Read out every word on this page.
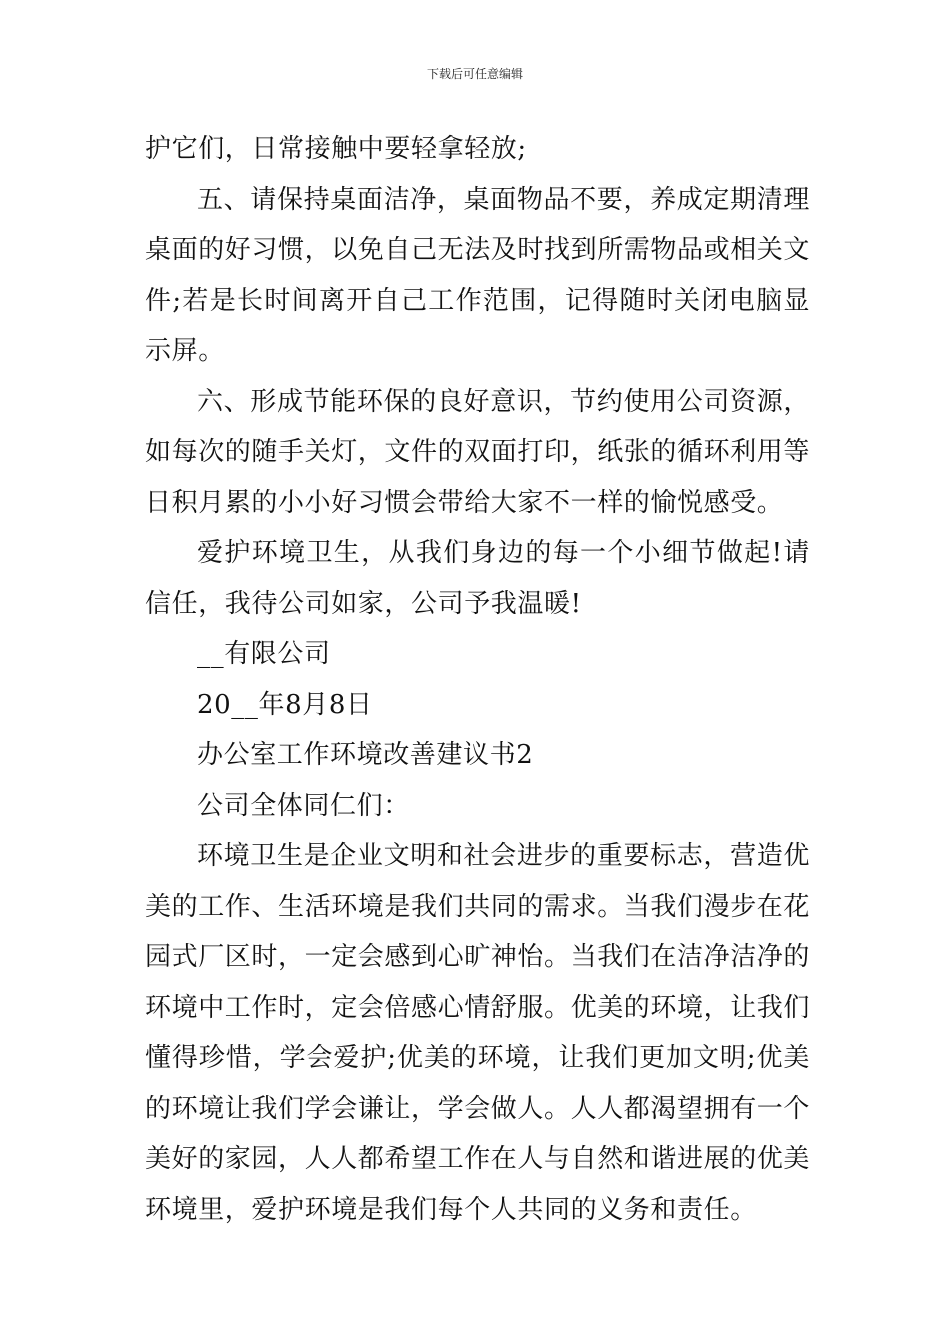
下载后可任意编辑

护它们，日常接触中要轻拿轻放;

五、请保持桌面洁净，桌面物品不要，养成定期清理桌面的好习惯，以免自己无法及时找到所需物品或相关文件;若是长时间离开自己工作范围，记得随时关闭电脑显示屏。

六、形成节能环保的良好意识，节约使用公司资源，如每次的随手关灯，文件的双面打印，纸张的循环利用等日积月累的小小好习惯会带给大家不一样的愉悦感受。

爱护环境卫生，从我们身边的每一个小细节做起!请信任，我待公司如家，公司予我温暖!

__有限公司

20__年8月8日

办公室工作环境改善建议书2

公司全体同仁们：

环境卫生是企业文明和社会进步的重要标志，营造优美的工作、生活环境是我们共同的需求。当我们漫步在花园式厂区时，一定会感到心旷神怡。当我们在洁净洁净的环境中工作时，定会倍感心情舒服。优美的环境，让我们懂得珍惜，学会爱护;优美的环境，让我们更加文明;优美的环境让我们学会谦让，学会做人。人人都渴望拥有一个美好的家园，人人都希望工作在人与自然和谐进展的优美环境里，爱护环境是我们每个人共同的义务和责任。
